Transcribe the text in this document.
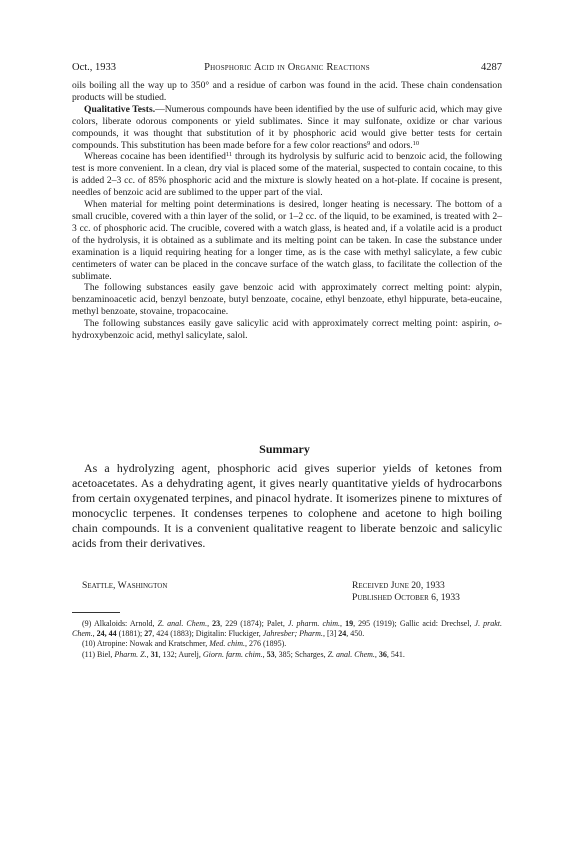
Oct., 1933	Phosphoric Acid in Organic Reactions	4287

oils boiling all the way up to 350° and a residue of carbon was found in the acid. These chain condensation products will be studied.

Qualitative Tests.—Numerous compounds have been identified by the use of sulfuric acid, which may give colors, liberate odorous components or yield sublimates. Since it may sulfonate, oxidize or char various compounds, it was thought that substitution of it by phosphoric acid would give better tests for certain compounds. This substitution has been made before for a few color reactions$^9$ and odors.$^{10}$

Whereas cocaine has been identified$^{11}$ through its hydrolysis by sulfuric acid to benzoic acid, the following test is more convenient. In a clean, dry vial is placed some of the material, suspected to contain cocaine, to this is added 2–3 cc. of 85% phosphoric acid and the mixture is slowly heated on a hot-plate. If cocaine is present, needles of benzoic acid are sublimed to the upper part of the vial.

When material for melting point determinations is desired, longer heating is necessary. The bottom of a small crucible, covered with a thin layer of the solid, or 1–2 cc. of the liquid, to be examined, is treated with 2–3 cc. of phosphoric acid. The crucible, covered with a watch glass, is heated and, if a volatile acid is a product of the hydrolysis, it is obtained as a sublimate and its melting point can be taken. In case the substance under examination is a liquid requiring heating for a longer time, as is the case with methyl salicylate, a few cubic centimeters of water can be placed in the concave surface of the watch glass, to facilitate the collection of the sublimate.

The following substances easily gave benzoic acid with approximately correct melting point: alypin, benzaminoacetic acid, benzyl benzoate, butyl benzoate, cocaine, ethyl benzoate, ethyl hippurate, beta-eucaine, methyl benzoate, stovaine, tropacocaine.

The following substances easily gave salicylic acid with approximately correct melting point: aspirin, o-hydroxybenzoic acid, methyl salicylate, salol.

Summary

As a hydrolyzing agent, phosphoric acid gives superior yields of ketones from acetoacetates. As a dehydrating agent, it gives nearly quantitative yields of hydrocarbons from certain oxygenated terpines, and pinacol hydrate. It isomerizes pinene to mixtures of monocyclic terpenes. It condenses terpenes to colophene and acetone to high boiling chain compounds. It is a convenient qualitative reagent to liberate benzoic and salicylic acids from their derivatives.

Seattle, Washington	Received June 20, 1933
Published October 6, 1933

(9) Alkaloids: Arnold, Z. anal. Chem., 23, 229 (1874); Palet, J. pharm. chim., 19, 295 (1919); Gallic acid: Drechsel, J. prakt. Chem., 24, 44 (1881); 27, 424 (1883); Digitalin: Fluckiger, Jahresber; Pharm., [3] 24, 450.

(10) Atropine: Nowak and Kratschmer, Med. chim., 276 (1895).

(11) Biel, Pharm. Z., 31, 132; Aurelj, Giorn. farm. chim., 53, 385; Scharges, Z. anal. Chem., 36, 541.
